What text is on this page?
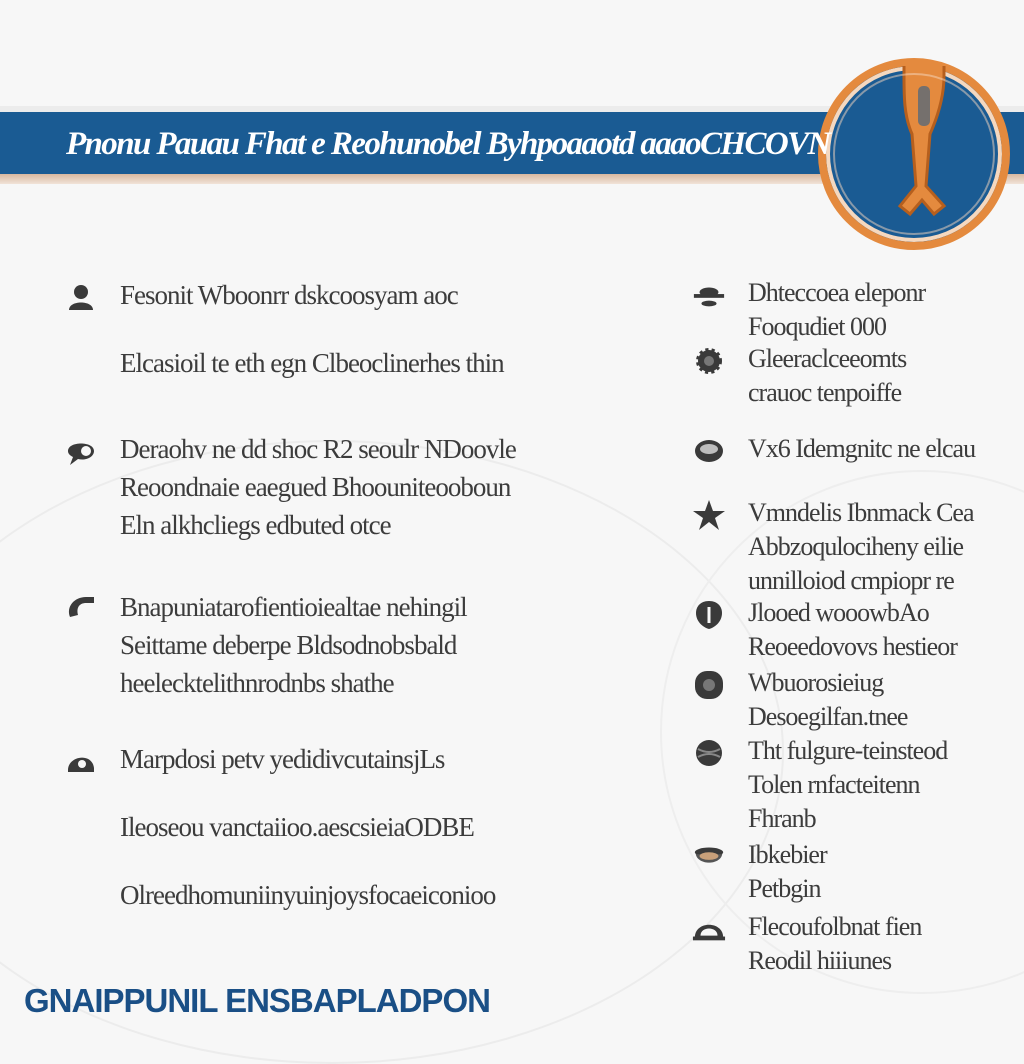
Pnonu Pauau Fhat e Reohunobel Byhpoaaotd aaaoCHCOVN
Fesonit Wboonrr dskcoosyam aoc
Elcasioil te eth egn Clbeoclinerhes thin
Deraohv ne dd shoc R2 seoulr NDoovle
Reoondnaie eaegued Bhoouniteooboun
Eln alkhcliegs edbuted otce
Bnapuniatarofientioiealtae nehingil
Seittame deberpe Bldsodnobsbald
heelecktelithnrodnbs shathe
Marpdosi petv yedidivcutainsjLs
Ileoseou vanctaiioo.aescsieiaODBE
Olreedhomuniinyuinjoysfocaeiconioo
Dhteccoea eleponr
Fooqudiet 000
Gleeraclceeomts
crauoc tenpoiffe
Vx6 Idemgnitc ne elcau
Vmndelis Ibnmack Cea
Abbzoqulociheny eilie
unnilloiod cmpiopr re
Jlooed wooowbAo
Reoeedovovs hestieor
Wbuorosieiug
Desoegilfan.tnee
Tht fulgure-teinsteod
Tolen rnfacteitenn
Fhranb
Ibkebier
Petbgin
Flecoufolbnat fien
Reodil hiiiunes
GNAIPPUNIL ENSBAPLADPON
